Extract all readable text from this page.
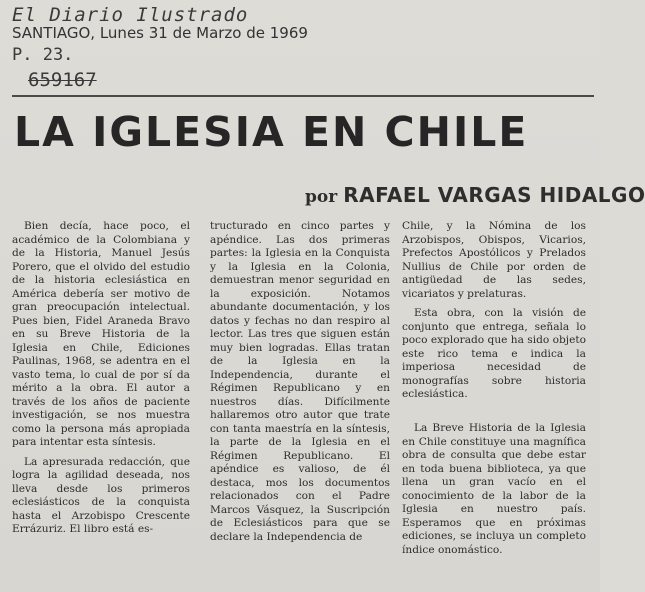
El Diario Ilustrado
SANTIAGO, Lunes 31 de Marzo de 1969
P. 23.
659167
LA IGLESIA EN CHILE
por RAFAEL VARGAS HIDALGO

Bien decía, hace poco, el académico de la Colombiana y de la Historia, Manuel Jesús Porero, que el olvido del estudio de la historia eclesiástica en América debería ser motivo de gran preocupación intelectual. Pues bien, Fidel Araneda Bravo en su Breve Historia de la Iglesia en Chile, Ediciones Paulinas, 1968, se adentra en el vasto tema, lo cual de por sí da mérito a la obra. El autor a través de los años de paciente investigación, se nos muestra como la persona más apropiada para intentar esta síntesis.

La apresurada redacción, que logra la agilidad deseada, nos lleva desde los primeros eclesiásticos de la conquista hasta el Arzobispo Crescente Errázuriz. El libro está es-

tructurado en cinco partes y apéndice. Las dos primeras partes: la Iglesia en la Conquista y la Iglesia en la Colonia, demuestran menor seguridad en la exposición. Notamos abundante documentación, y los datos y fechas no dan respiro al lector. Las tres que siguen están muy bien logradas. Ellas tratan de la Iglesia en la Independencia, durante el Régimen Republicano y en nuestros días. Difícilmente hallaremos otro autor que trate con tanta maestría en la síntesis, la parte de la Iglesia en el Régimen Republicano. El apéndice es valioso, de él destaca, mos los documentos relacionados con el Padre Marcos Vásquez, la Suscripción de Eclesiásticos para que se declare la Independencia de

Chile, y la Nómina de los Arzobispos, Obispos, Vicarios, Prefectos Apostólicos y Prelados Nullius de Chile por orden de antigüedad de las sedes, vicariatos y prelaturas.

Esta obra, con la visión de conjunto que entrega, señala lo poco explorado que ha sido objeto este rico tema e indica la imperiosa necesidad de monografías sobre historia eclesiástica.

La Breve Historia de la Iglesia en Chile constituye una magnífica obra de consulta que debe estar en toda buena biblioteca, ya que llena un gran vacío en el conocimiento de la labor de la Iglesia en nuestro país. Esperamos que en próximas ediciones, se incluya un completo índice onomástico.
